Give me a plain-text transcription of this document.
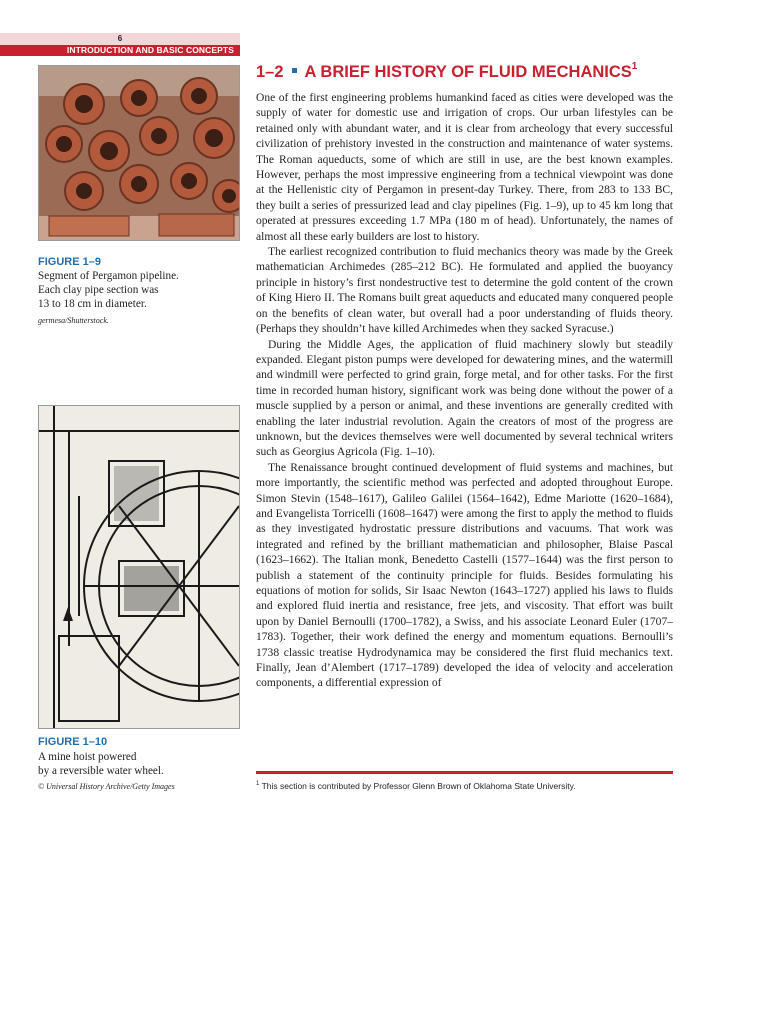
6
INTRODUCTION AND BASIC CONCEPTS
FIGURE 1–9
Segment of Pergamon pipeline.
Each clay pipe section was
13 to 18 cm in diameter.
germesa/Shutterstock.
FIGURE 1–10
A mine hoist powered
by a reversible water wheel.
© Universal History Archive/Getty Images
1–2 A BRIEF HISTORY OF FLUID MECHANICS$^1$

One of the first engineering problems humankind faced as cities were developed was the supply of water for domestic use and irrigation of crops. Our urban lifestyles can be retained only with abundant water, and it is clear from archeology that every successful civilization of prehistory invested in the construction and maintenance of water systems. The Roman aqueducts, some of which are still in use, are the best known examples. However, perhaps the most impressive engineering from a technical viewpoint was done at the Hellenistic city of Pergamon in present-day Turkey. There, from 283 to 133 BC, they built a series of pressurized lead and clay pipelines (Fig. 1–9), up to 45 km long that operated at pressures exceeding 1.7 MPa (180 m of head). Unfortunately, the names of almost all these early builders are lost to history.

The earliest recognized contribution to fluid mechanics theory was made by the Greek mathematician Archimedes (285–212 BC). He formulated and applied the buoyancy principle in history’s first nondestructive test to determine the gold content of the crown of King Hiero II. The Romans built great aqueducts and educated many conquered people on the benefits of clean water, but overall had a poor understanding of fluids theory. (Perhaps they shouldn’t have killed Archimedes when they sacked Syracuse.)

During the Middle Ages, the application of fluid machinery slowly but steadily expanded. Elegant piston pumps were developed for dewatering mines, and the watermill and windmill were perfected to grind grain, forge metal, and for other tasks. For the first time in recorded human history, significant work was being done without the power of a muscle supplied by a person or animal, and these inventions are generally credited with enabling the later industrial revolution. Again the creators of most of the progress are unknown, but the devices themselves were well documented by several technical writers such as Georgius Agricola (Fig. 1–10).

The Renaissance brought continued development of fluid systems and machines, but more importantly, the scientific method was perfected and adopted throughout Europe. Simon Stevin (1548–1617), Galileo Galilei (1564–1642), Edme Mariotte (1620–1684), and Evangelista Torricelli (1608–1647) were among the first to apply the method to fluids as they investigated hydrostatic pressure distributions and vacuums. That work was integrated and refined by the brilliant mathematician and philosopher, Blaise Pascal (1623–1662). The Italian monk, Benedetto Castelli (1577–1644) was the first person to publish a statement of the continuity principle for fluids. Besides formulating his equations of motion for solids, Sir Isaac Newton (1643–1727) applied his laws to fluids and explored fluid inertia and resistance, free jets, and viscosity. That effort was built upon by Daniel Bernoulli (1700–1782), a Swiss, and his associate Leonard Euler (1707–1783). Together, their work defined the energy and momentum equations. Bernoulli’s 1738 classic treatise Hydrodynamica may be considered the first fluid mechanics text. Finally, Jean d’Alembert (1717–1789) developed the idea of velocity and acceleration components, a differential expression of

$^1$ This section is contributed by Professor Glenn Brown of Oklahoma State University.
